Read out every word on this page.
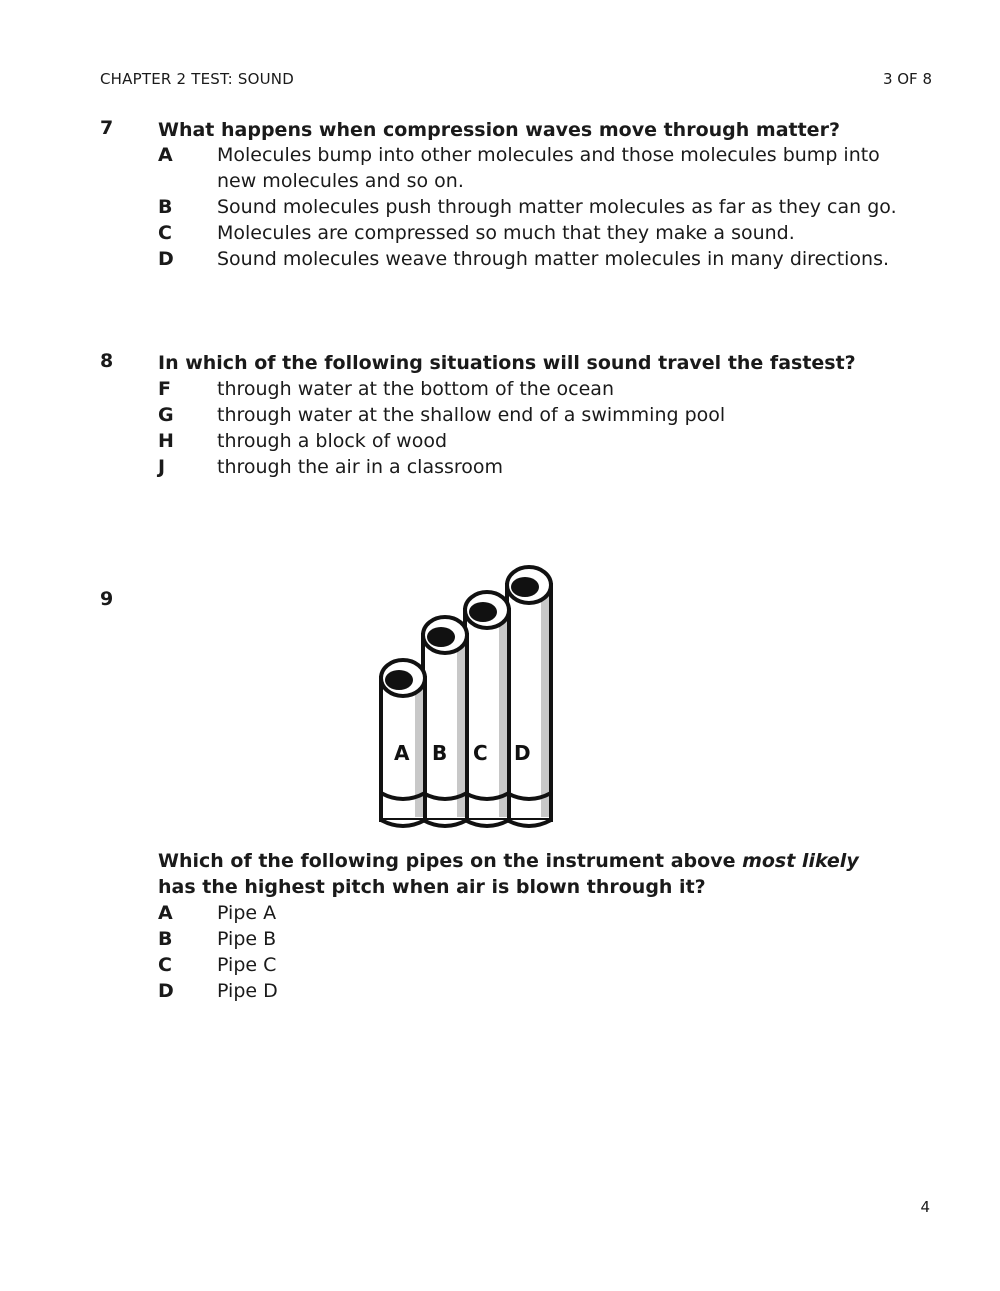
CHAPTER 2 TEST: SOUND	3 OF 8
7 What happens when compression waves move through matter?
A	Molecules bump into other molecules and those molecules bump into new molecules and so on.
B	Sound molecules push through matter molecules as far as they can go.
C	Molecules are compressed so much that they make a sound.
D	Sound molecules weave through matter molecules in many directions.
8 In which of the following situations will sound travel the fastest?
F	through water at the bottom of the ocean
G	through water at the shallow end of a swimming pool
H	through a block of wood
J	through the air in a classroom
9
A B C D
Which of the following pipes on the instrument above most likely
has the highest pitch when air is blown through it?
A	Pipe A
B	Pipe B
C	Pipe C
D	Pipe D
4
